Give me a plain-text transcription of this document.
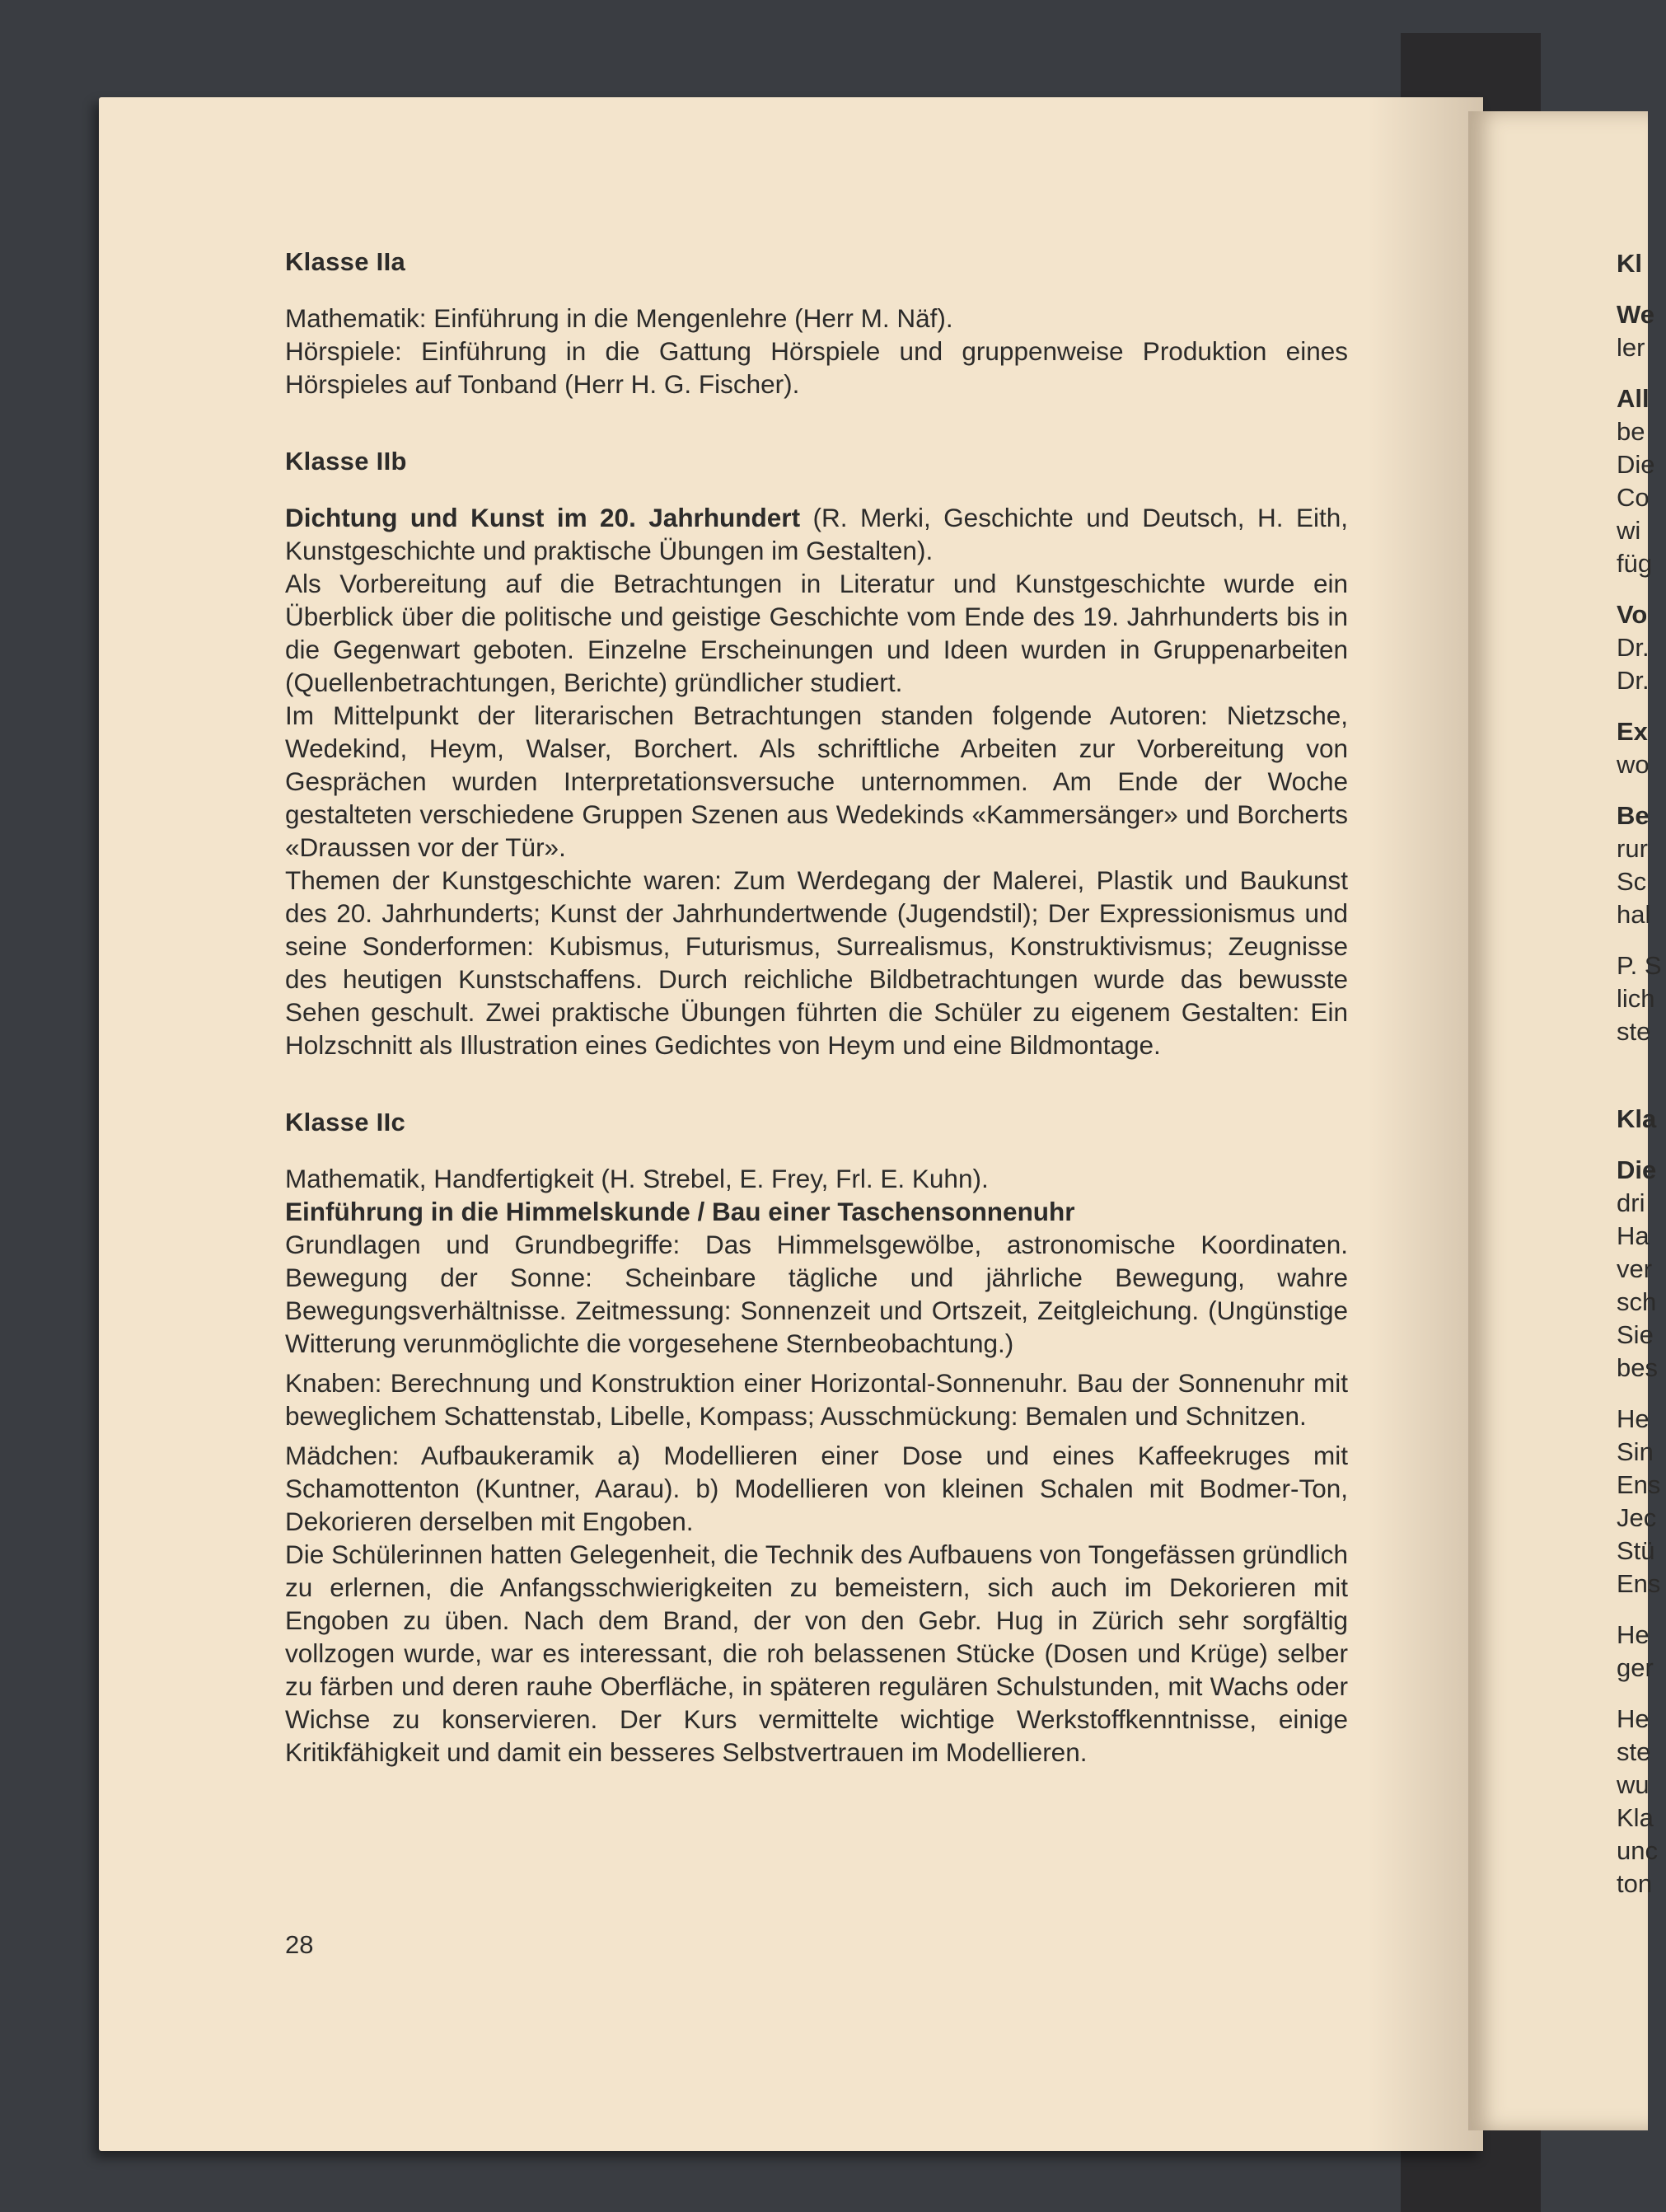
Klasse IIa

Mathematik: Einführung in die Mengenlehre (Herr M. Näf).

Hörspiele: Einführung in die Gattung Hörspiele und gruppenweise Produktion eines Hörspieles auf Tonband (Herr H. G. Fischer).

Klasse IIb

Dichtung und Kunst im 20. Jahrhundert (R. Merki, Geschichte und Deutsch, H. Eith, Kunstgeschichte und praktische Übungen im Gestalten).

Als Vorbereitung auf die Betrachtungen in Literatur und Kunstgeschichte wurde ein Überblick über die politische und geistige Geschichte vom Ende des 19. Jahrhunderts bis in die Gegenwart geboten. Einzelne Erscheinungen und Ideen wurden in Gruppenarbeiten (Quellenbetrachtungen, Berichte) gründlicher studiert.

Im Mittelpunkt der literarischen Betrachtungen standen folgende Autoren: Nietzsche, Wedekind, Heym, Walser, Borchert. Als schriftliche Arbeiten zur Vorbereitung von Gesprächen wurden Interpretationsversuche unternommen. Am Ende der Woche gestalteten verschiedene Gruppen Szenen aus Wedekinds «Kammersänger» und Borcherts «Draussen vor der Tür».

Themen der Kunstgeschichte waren: Zum Werdegang der Malerei, Plastik und Baukunst des 20. Jahrhunderts; Kunst der Jahrhundertwende (Jugendstil); Der Expressionismus und seine Sonderformen: Kubismus, Futurismus, Surrealismus, Konstruktivismus; Zeugnisse des heutigen Kunstschaffens. Durch reichliche Bildbetrachtungen wurde das bewusste Sehen geschult. Zwei praktische Übungen führten die Schüler zu eigenem Gestalten: Ein Holzschnitt als Illustration eines Gedichtes von Heym und eine Bildmontage.

Klasse IIc

Mathematik, Handfertigkeit (H. Strebel, E. Frey, Frl. E. Kuhn).

Einführung in die Himmelskunde / Bau einer Taschensonnenuhr

Grundlagen und Grundbegriffe: Das Himmelsgewölbe, astronomische Koordinaten. Bewegung der Sonne: Scheinbare tägliche und jährliche Bewegung, wahre Bewegungsverhältnisse. Zeitmessung: Sonnenzeit und Ortszeit, Zeitgleichung. (Ungünstige Witterung verunmöglichte die vorgesehene Sternbeobachtung.)

Knaben: Berechnung und Konstruktion einer Horizontal-Sonnenuhr. Bau der Sonnenuhr mit beweglichem Schattenstab, Libelle, Kompass; Ausschmückung: Bemalen und Schnitzen.

Mädchen: Aufbaukeramik a) Modellieren einer Dose und eines Kaffeekruges mit Schamottenton (Kuntner, Aarau). b) Modellieren von kleinen Schalen mit Bodmer-Ton, Dekorieren derselben mit Engoben.

Die Schülerinnen hatten Gelegenheit, die Technik des Aufbauens von Tongefässen gründlich zu erlernen, die Anfangsschwierigkeiten zu bemeistern, sich auch im Dekorieren mit Engoben zu üben. Nach dem Brand, der von den Gebr. Hug in Zürich sehr sorgfältig vollzogen wurde, war es interessant, die roh belassenen Stücke (Dosen und Krüge) selber zu färben und deren rauhe Oberfläche, in späteren regulären Schulstunden, mit Wachs oder Wichse zu konservieren. Der Kurs vermittelte wichtige Werkstoffkenntnisse, einige Kritikfähigkeit und damit ein besseres Selbstvertrauen im Modellieren.

28
Kl
We
ler
All
be
Die
Co
wi
füg
Vo
Dr.
Dr.
Ex
wo
Be
rur
Sc
hal
P. S
lich
ste
Kla
Die
dri
Ha
ver
sch
Sie
bes
He
Sin
Ens
Jec
Stü
Ens
He
ger
He
ste
wu
Kla
unc
ton
